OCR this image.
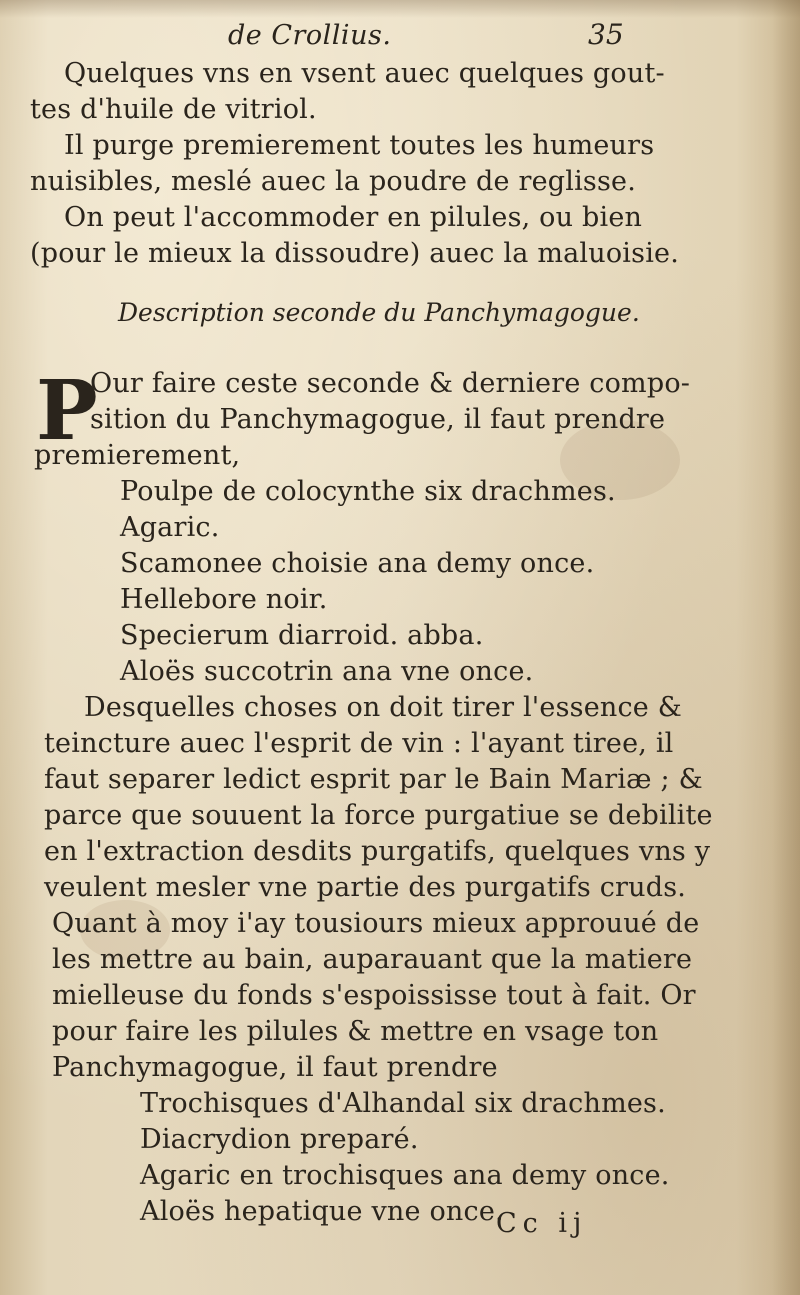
de Crollius.	35
Quelques vns en vsent auec quelques gout-
tes d'huile de vitriol.
Il purge premierement toutes les humeurs
nuisibles, meslé auec la poudre de reglisse.
On peut l'accommoder en pilules, ou bien
(pour le mieux la dissoudre) auec la maluoisie.
Description seconde du Panchymagogue.
P
Our faire ceste seconde & derniere compo-
sition du Panchymagogue, il faut prendre
premierement,
Poulpe de colocynthe six drachmes.
Agaric.
Scamonee choisie ana demy once.
Hellebore noir.
Specierum diarroid. abba.
Aloës succotrin ana vne once.
Desquelles choses on doit tirer l'essence &
teincture auec l'esprit de vin : l'ayant tiree, il
faut separer ledict esprit par le Bain Mariæ ; &
parce que souuent la force purgatiue se debilite
en l'extraction desdits purgatifs, quelques vns y
veulent mesler vne partie des purgatifs cruds.
Quant à moy i'ay tousiours mieux approuué de
les mettre au bain, auparauant que la matiere
mielleuse du fonds s'espoississe tout à fait. Or
pour faire les pilules & mettre en vsage ton
Panchymagogue, il faut prendre
Trochisques d'Alhandal six drachmes.
Diacrydion preparé.
Agaric en trochisques ana demy once.
Aloës hepatique vne once.
Cc ij
